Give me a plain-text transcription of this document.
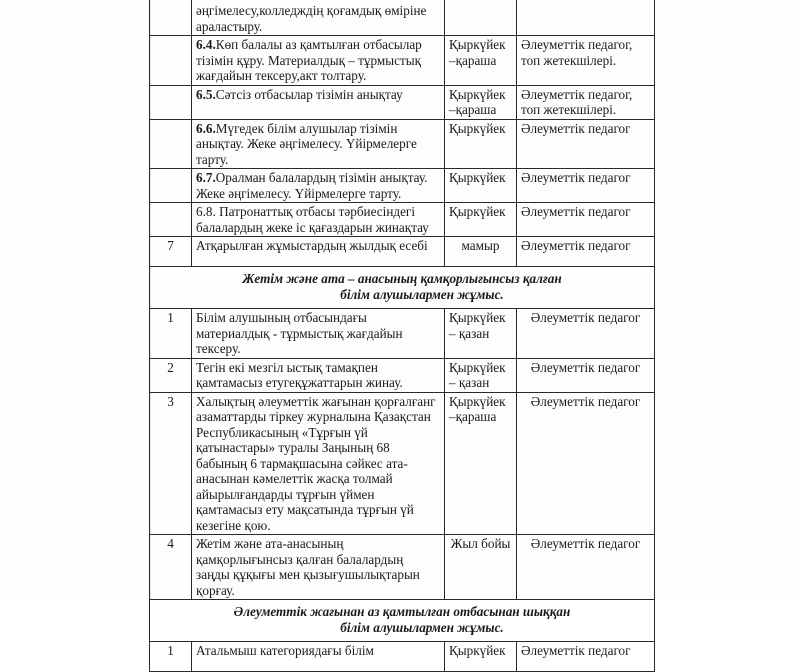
	әңгімелесу,колледждің қоғамдық өміріне араластыру.		
	6.4.Көп балалы аз қамтылған отбасылар тізімін құру. Материалдық – тұрмыстық жағдайын тексеру,акт толтару.	Қыркүйек –қараша	Әлеуметтік педагог, топ жетекшілері.
	6.5.Сәтсіз отбасылар тізімін анықтау	Қыркүйек –қараша	Әлеуметтік педагог, топ жетекшілері.
	6.6.Мүгедек білім алушылар тізімін анықтау. Жеке әңгімелесу. Үйірмелерге тарту.	Қыркүйек	Әлеуметтік педагог
	6.7.Оралман балалардың тізімін анықтау. Жеке әңгімелесу. Үйірмелерге тарту.	Қыркүйек	Әлеуметтік педагог
	6.8. Патронаттық отбасы тәрбиесіндегі балалардың жеке іс қағаздарын жинақтау	Қыркүйек	Әлеуметтік педагог
7	Атқарылған жұмыстардың жылдық есебі	мамыр	Әлеуметтік педагог
Жетім және ата – анасының қамқорлығынсыз қалған
білім алушылармен жұмыс.			

1	Білім алушының отбасындағы материалдық - тұрмыстық жағдайын тексеру.	Қыркүйек – қазан	Әлеуметтік педагог
2	Тегін екі мезгіл ыстық тамақпен қамтамасыз етугеқұжаттарын жинау.	Қыркүйек – қазан	Әлеуметтік педагог
3	Халықтың әлеуметтік жағынан қорғалғанг азаматтарды тіркеу журналына Қазақстан Республикасының «Тұрғын үй қатынастары» туралы Заңының 68 бабының 6 тармақшасына сәйкес ата-анасынан кәмелеттік жасқа толмай айырылғандарды тұрғын үймен қамтамасыз ету мақсатында тұрғын үй кезегіне қою.	Қыркүйек –қараша	Әлеуметтік педагог
4	Жетім және ата-анасының қамқорлығынсыз қалған балалардың заңды құқығы мен қызығушылықтарын қорғау.	Жыл бойы	Әлеуметтік педагог
Әлеуметтік жағынан аз қамтылған отбасынан шыққан
білім алушылармен жұмыс.			

1	Атальмыш категориядағы білім	Қыркүйек	Әлеуметтік педагог
